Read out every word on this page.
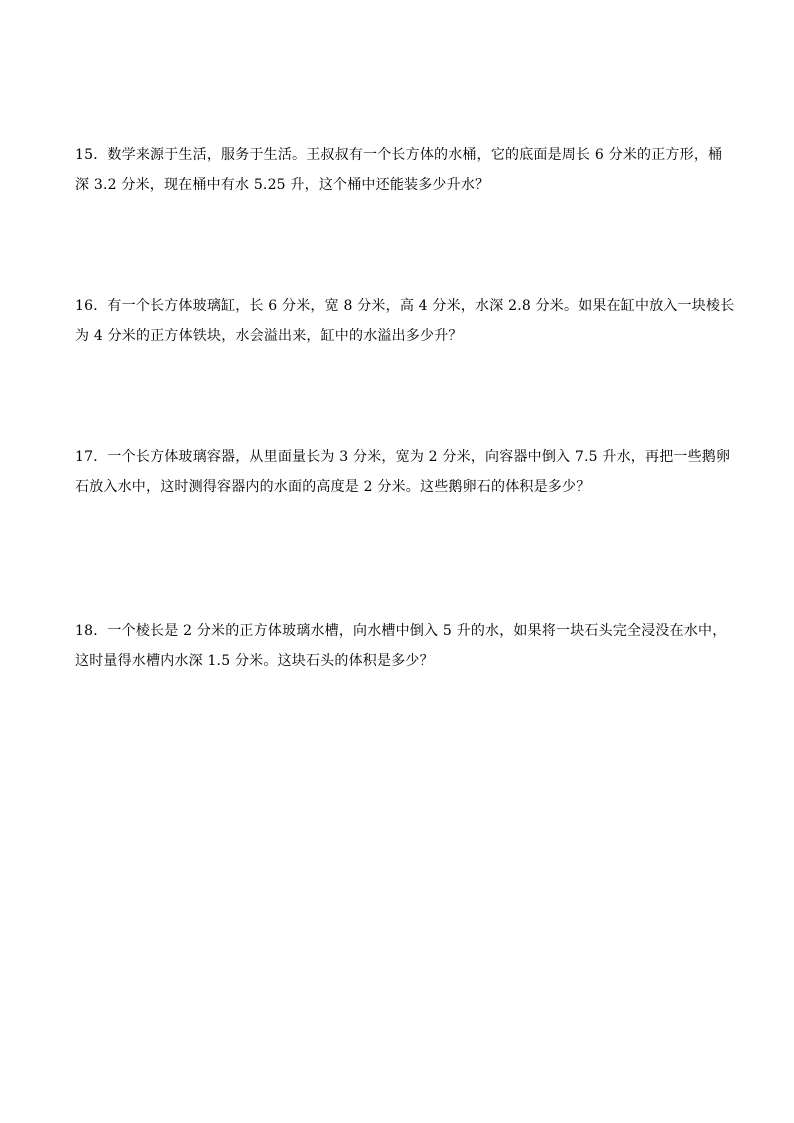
15．数学来源于生活，服务于生活。王叔叔有一个长方体的水桶，它的底面是周长 6 分米的正方形，桶
深 3.2 分米，现在桶中有水 5.25 升，这个桶中还能装多少升水？
16．有一个长方体玻璃缸，长 6 分米，宽 8 分米，高 4 分米，水深 2.8 分米。如果在缸中放入一块棱长
为 4 分米的正方体铁块，水会溢出来，缸中的水溢出多少升？
17．一个长方体玻璃容器，从里面量长为 3 分米，宽为 2 分米，向容器中倒入 7.5 升水，再把一些鹅卵
石放入水中，这时测得容器内的水面的高度是 2 分米。这些鹅卵石的体积是多少？
18．一个棱长是 2 分米的正方体玻璃水槽，向水槽中倒入 5 升的水，如果将一块石头完全浸没在水中，
这时量得水槽内水深 1.5 分米。这块石头的体积是多少？
